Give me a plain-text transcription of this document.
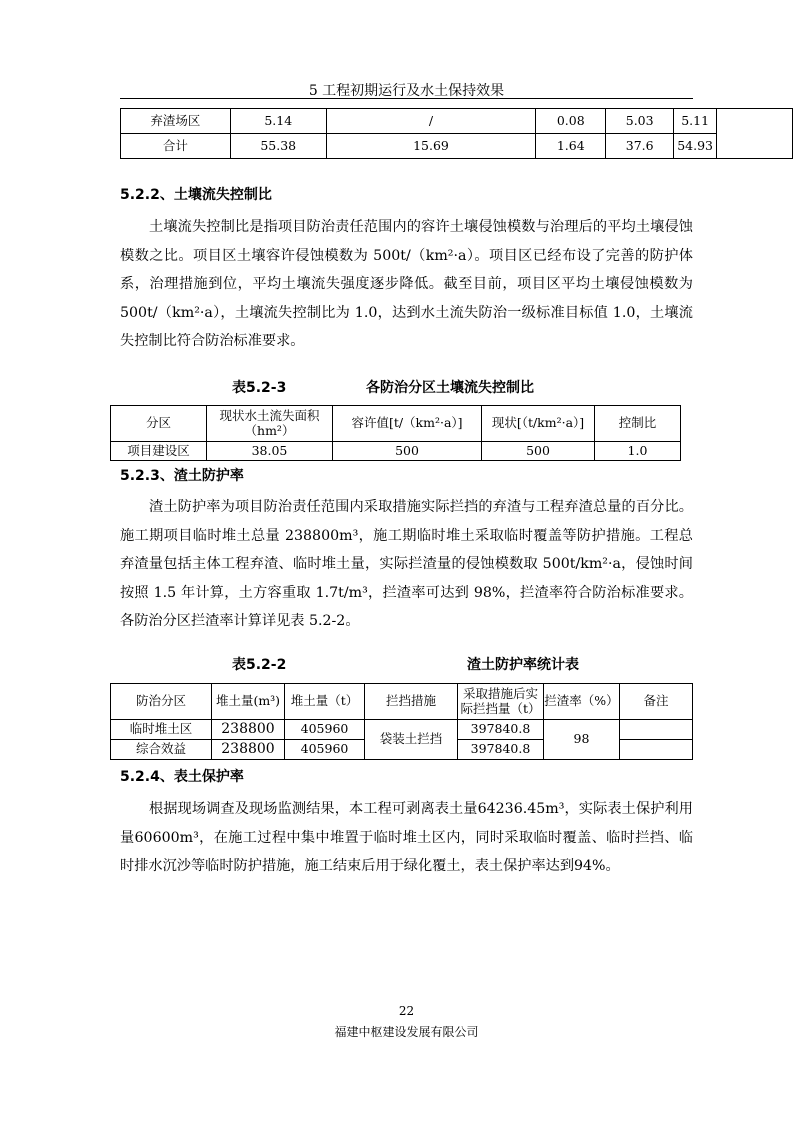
5 工程初期运行及水土保持效果
弃渣场区	5.14	/	0.08	5.03	5.11	
合计	55.38	15.69	1.64	37.6	54.93	
5.2.2、土壤流失控制比

土壤流失控制比是指项目防治责任范围内的容许土壤侵蚀模数与治理后的平均土壤侵蚀模数之比。项目区土壤容许侵蚀模数为 500t/（km²·a）。项目区已经布设了完善的防护体系，治理措施到位，平均土壤流失强度逐步降低。截至目前，项目区平均土壤侵蚀模数为 500t/（km²·a），土壤流失控制比为 1.0，达到水土流失防治一级标准目标值 1.0，土壤流失控制比符合防治标准要求。

表5.2-3	各防治分区土壤流失控制比
分区	现状水土流失面积（hm²）	容许值[t/（km²·a）]	现状[（t/km²·a）]	控制比
项目建设区	38.05	500	500	1.0
5.2.3、渣土防护率

渣土防护率为项目防治责任范围内采取措施实际拦挡的弃渣与工程弃渣总量的百分比。施工期项目临时堆土总量 238800m³，施工期临时堆土采取临时覆盖等防护措施。工程总弃渣量包括主体工程弃渣、临时堆土量，实际拦渣量的侵蚀模数取 500t/km²·a，侵蚀时间按照 1.5 年计算，土方容重取 1.7t/m³，拦渣率可达到 98%，拦渣率符合防治标准要求。各防治分区拦渣率计算详见表 5.2-2。

表5.2-2	渣土防护率统计表
防治分区	堆土量(m³)	堆土量（t）	拦挡措施	采取措施后实际拦挡量（t）	拦渣率（%）	备注
临时堆土区	238800	405960	袋装土拦挡	397840.8	98	
综合效益	238800	405960		397840.8		
5.2.4、表土保护率

根据现场调查及现场监测结果，本工程可剥离表土量64236.45m³，实际表土保护利用量60600m³，在施工过程中集中堆置于临时堆土区内，同时采取临时覆盖、临时拦挡、临时排水沉沙等临时防护措施，施工结束后用于绿化覆土，表土保护率达到94%。

22
福建中枢建设发展有限公司
